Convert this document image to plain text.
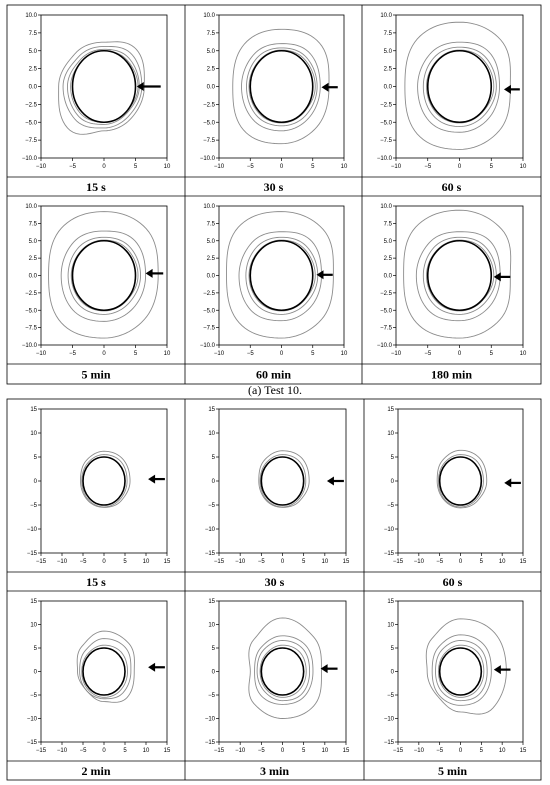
−10	−5	0	5	10
−10.0
−7.5
−5.0
−2.5
0.0
2.5
5.0
7.5
10.0
15 s
−10	−5	0	5	10
−10.0
−7.5
−5.0
−2.5
0.0
2.5
5.0
7.5
10.0
30 s
−10	−5	0	5	10
−10.0
−7.5
−5.0
−2.5
0.0
2.5
5.0
7.5
10.0
60 s
−10	−5	0	5	10
−10.0
−7.5
−5.0
−2.5
0.0
2.5
5.0
7.5
10.0
5 min
−10	−5	0	5	10
−10.0
−7.5
−5.0
−2.5
0.0
2.5
5.0
7.5
10.0
60 min
−10	−5	0	5	10
−10.0
−7.5
−5.0
−2.5
0.0
2.5
5.0
7.5
10.0
180 min
−15 −10 −5	0	5	10 15
−15
−10
−5
0
5
10
15
15 s
−15 −10 −5	0	5	10 15
−15
−10
−5
0
5
10
15
30 s
−15 −10 −5	0	5	10 15
−15
−10
−5
0
5
10
15
60 s
−15 −10 −5	0	5	10 15
−15
−10
−5
0
5
10
15
2 min
−15 −10 −5	0	5	10 15
−15
−10
−5
0
5
10
15
3 min
−15 −10 −5	0	5	10 15
−15
−10
−5
0
5
10
15
5 min
(a) Test 10.
